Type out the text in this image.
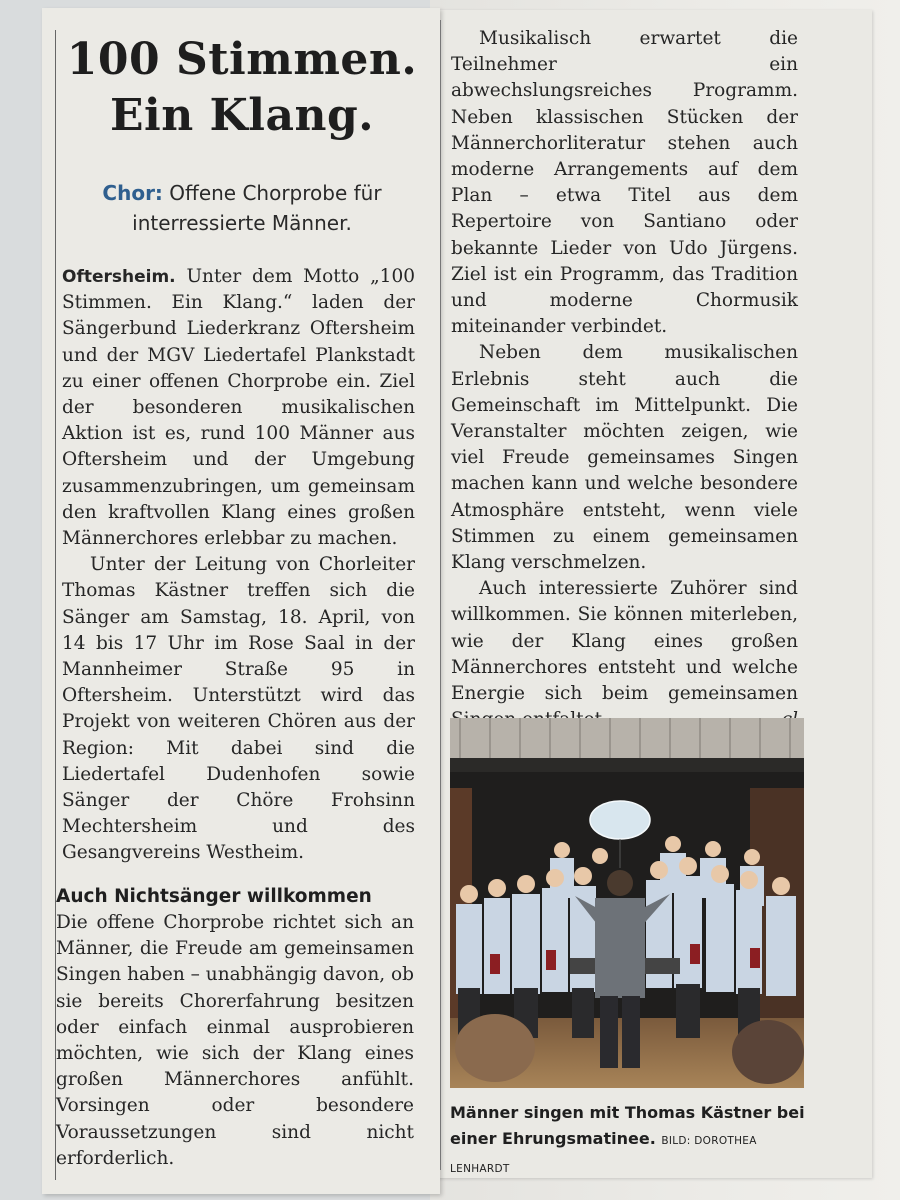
100 Stimmen.
Ein Klang.
Chor: Offene Chorprobe für
interressierte Männer.

Oftersheim. Unter dem Motto „100 Stimmen. Ein Klang.“ laden der Sängerbund Liederkranz Oftersheim und der MGV Liedertafel Plankstadt zu einer offenen Chorprobe ein. Ziel der besonderen musikalischen Aktion ist es, rund 100 Männer aus Oftersheim und der Umgebung zusammenzubringen, um gemeinsam den kraftvollen Klang eines großen Männerchores erlebbar zu machen.

Unter der Leitung von Chorleiter Thomas Kästner treffen sich die Sänger am Samstag, 18. April, von 14 bis 17 Uhr im Rose Saal in der Mannheimer Straße 95 in Oftersheim. Unterstützt wird das Projekt von weiteren Chören aus der Region: Mit dabei sind die Liedertafel Dudenhofen sowie Sänger der Chöre Frohsinn Mechtersheim und des Gesangvereins Westheim.

Auch Nichtsänger willkommen

Die offene Chorprobe richtet sich an Männer, die Freude am gemeinsamen Singen haben – unabhängig davon, ob sie bereits Chorerfahrung besitzen oder einfach einmal ausprobieren möchten, wie sich der Klang eines großen Männerchores anfühlt. Vorsingen oder besondere Voraussetzungen sind nicht erforderlich.

Musikalisch erwartet die Teilnehmer ein abwechslungsreiches Programm. Neben klassischen Stücken der Männerchorliteratur stehen auch moderne Arrangements auf dem Plan – etwa Titel aus dem Repertoire von Santiano oder bekannte Lieder von Udo Jürgens. Ziel ist ein Programm, das Tradition und moderne Chormusik miteinander verbindet.

Neben dem musikalischen Erlebnis steht auch die Gemeinschaft im Mittelpunkt. Die Veranstalter möchten zeigen, wie viel Freude gemeinsames Singen machen kann und welche besondere Atmosphäre entsteht, wenn viele Stimmen zu einem gemeinsamen Klang verschmelzen.

Auch interessierte Zuhörer sind willkommen. Sie können miterleben, wie der Klang eines großen Männerchores entsteht und welche Energie sich beim gemeinsamen

Männer singen mit Thomas Kästner bei
einer Ehrungsmatinee. BILD: DOROTHEA LENHARDT
